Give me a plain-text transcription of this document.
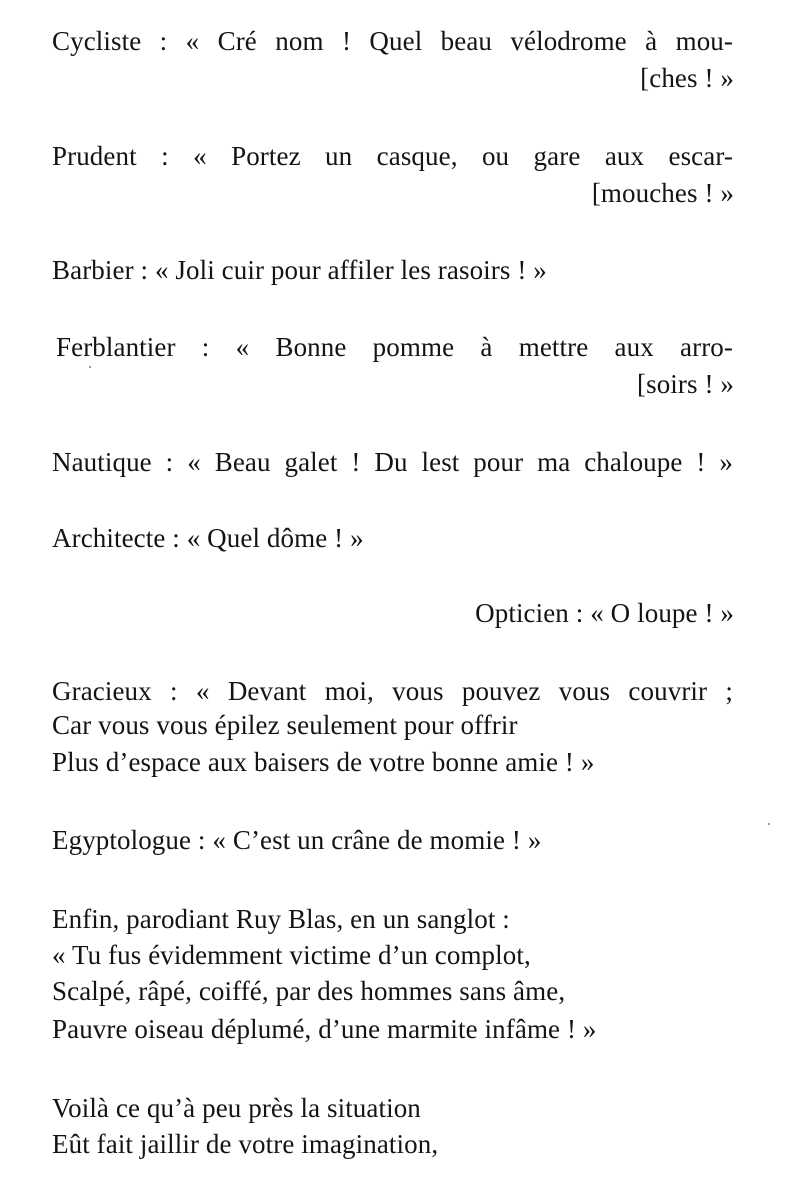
Cycliste : « Cré nom ! Quel beau vélodrome à mou-
[ches ! »
Prudent : « Portez un casque, ou gare aux escar-
[mouches ! »
Barbier : « Joli cuir pour affiler les rasoirs ! »
Ferblantier : « Bonne pomme à mettre aux arro-
[soirs ! »
Nautique : « Beau galet ! Du lest pour ma chaloupe ! »
Architecte : « Quel dôme ! »
Opticien : « O loupe ! »
Gracieux : « Devant moi, vous pouvez vous couvrir ;
Car vous vous épilez seulement pour offrir
Plus d’espace aux baisers de votre bonne amie ! »
Egyptologue : « C’est un crâne de momie ! »
Enfin, parodiant Ruy Blas, en un sanglot :
« Tu fus évidemment victime d’un complot,
Scalpé, râpé, coiffé, par des hommes sans âme,
Pauvre oiseau déplumé, d’une marmite infâme ! »
Voilà ce qu’à peu près la situation
Eût fait jaillir de votre imagination,
